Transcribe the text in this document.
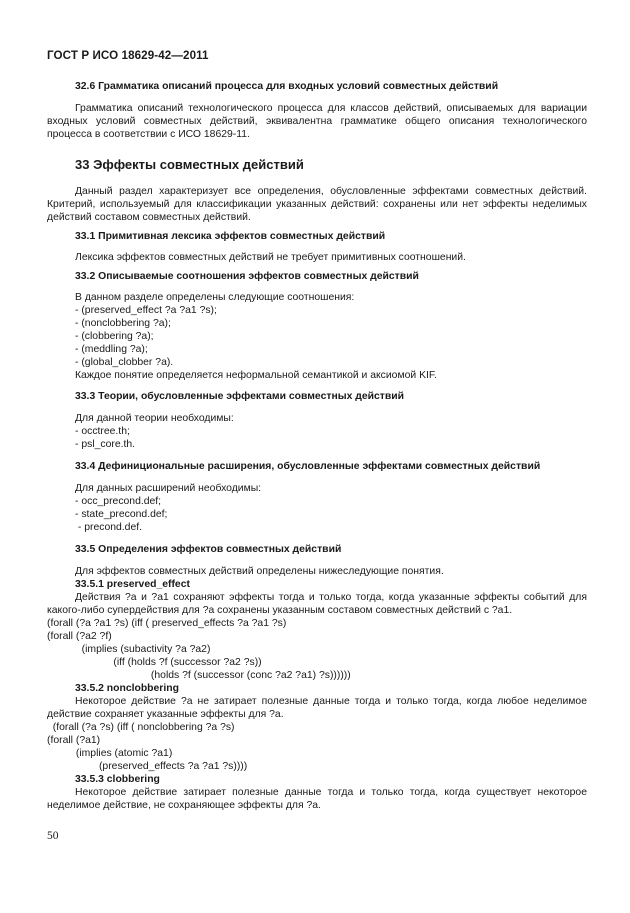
ГОСТ Р ИСО 18629-42—2011
32.6 Грамматика описаний процесса для входных условий совместных действий
Грамматика описаний технологического процесса для классов действий, описываемых для вариации входных условий совместных действий, эквивалентна грамматике общего описания технологического процесса в соответствии с ИСО 18629-11.
33 Эффекты совместных действий
Данный раздел характеризует все определения, обусловленные эффектами совместных действий. Критерий, используемый для классификации указанных действий: сохранены или нет эффекты неделимых действий составом совместных действий.
33.1 Примитивная лексика эффектов совместных действий
Лексика эффектов совместных действий не требует примитивных соотношений.
33.2 Описываемые соотношения эффектов совместных действий
В данном разделе определены следующие соотношения:
- (preserved_effect ?a ?a1 ?s);
- (nonclobbering ?a);
- (clobbering ?a);
- (meddling ?a);
- (global_clobber ?a).
Каждое понятие определяется неформальной семантикой и аксиомой KIF.
33.3 Теории, обусловленные эффектами совместных действий
Для данной теории необходимы:
- occtree.th;
- psl_core.th.
33.4 Дефинициональные расширения, обусловленные эффектами совместных действий
Для данных расширений необходимы:
- occ_precond.def;
- state_precond.def;
- precond.def.
33.5 Определения эффектов совместных действий
Для эффектов совместных действий определены нижеследующие понятия.
33.5.1 preserved_effect
Действия ?a и ?a1 сохраняют эффекты тогда и только тогда, когда указанные эффекты событий для какого-либо супердействия для ?a сохранены указанным составом совместных действий с ?a1.
(forall (?a ?a1 ?s) (iff ( preserved_effects ?a ?a1 ?s)
(forall (?a2 ?f)
(implies (subactivity ?a ?a2)
(iff (holds ?f (successor ?a2 ?s))
(holds ?f (successor (conc ?a2 ?a1) ?s))))))
33.5.2 nonclobbering
Некоторое действие ?a не затирает полезные данные тогда и только тогда, когда любое неделимое действие сохраняет указанные эффекты для ?a.
(forall (?a ?s) (iff ( nonclobbering ?a ?s)
(forall (?a1)
(implies (atomic ?a1)
(preserved_effects ?a ?a1 ?s))))
33.5.3 clobbering
Некоторое действие затирает полезные данные тогда и только тогда, когда существует некоторое неделимое действие, не сохраняющее эффекты для ?a.
50
